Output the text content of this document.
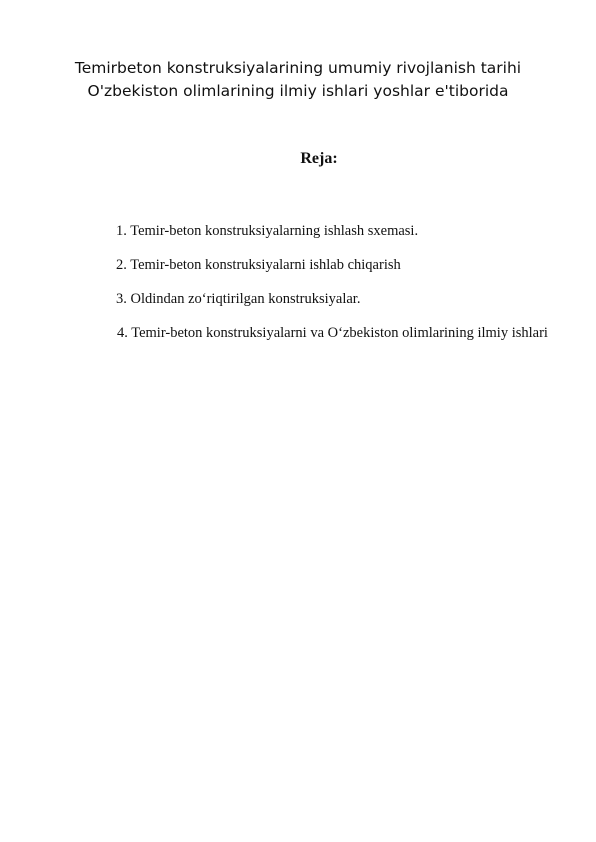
Temirbeton konstruksiyalarining umumiy rivojlanish tarihi
O'zbekiston olimlarining ilmiy ishlari yoshlar e'tiborida
Reja:
1. Temir-beton konstruksiyalarning ishlash sxemasi.
2. Temir-beton konstruksiyalarni ishlab chiqarish
3. Oldindan zo‘riqtirilgan konstruksiyalar.
4. Temir-beton konstruksiyalarni va O‘zbekiston olimlarining ilmiy ishlari
